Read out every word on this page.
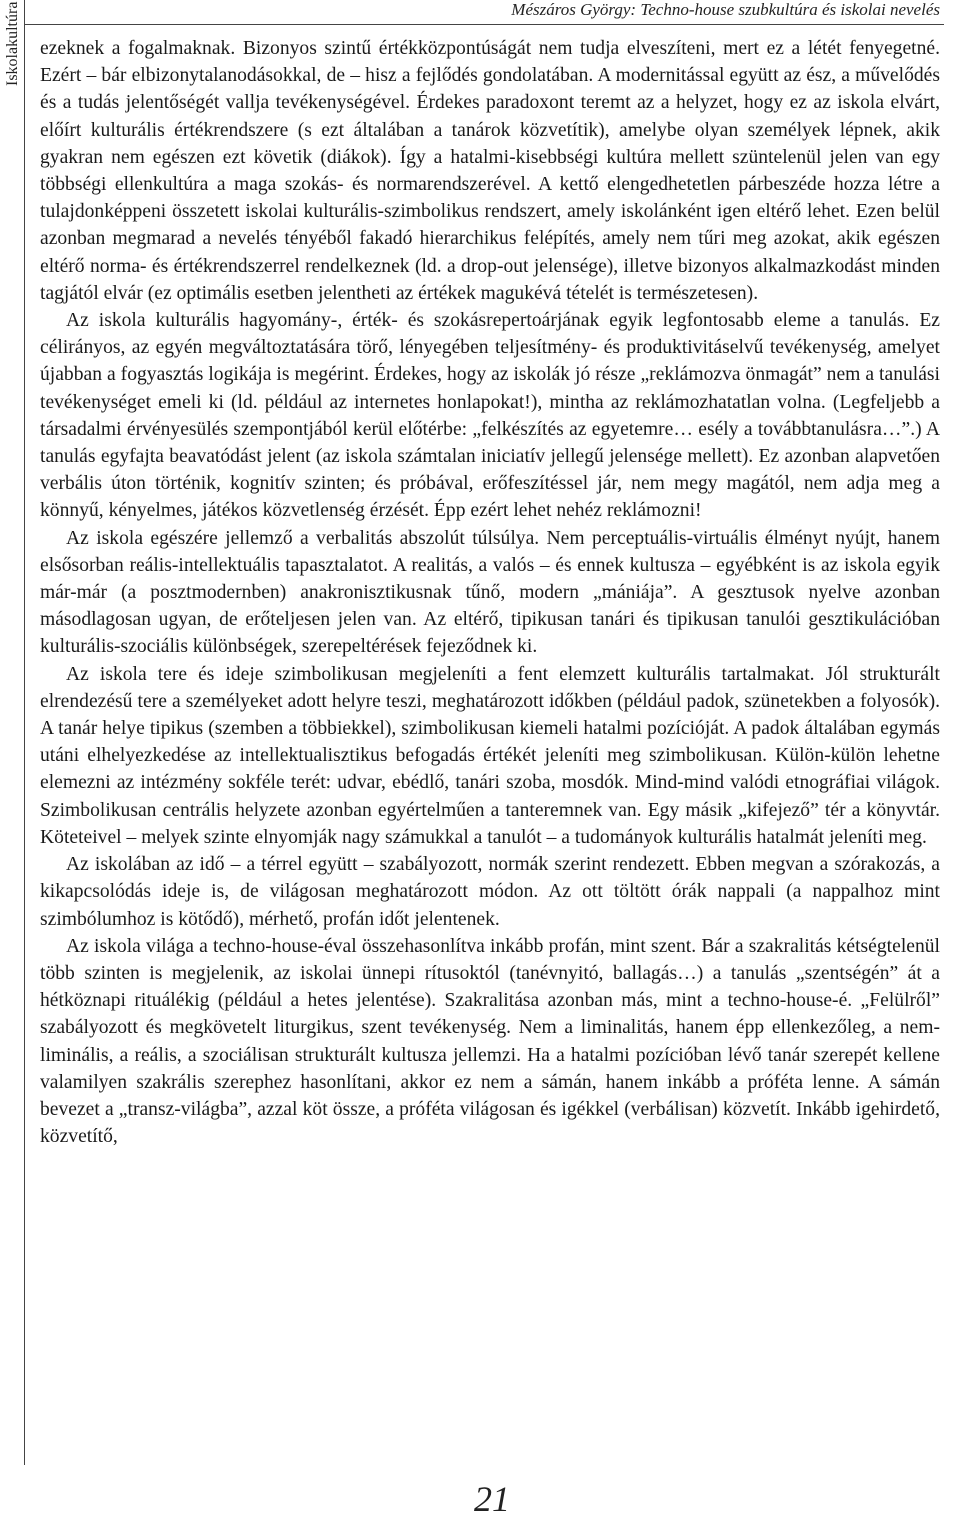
Iskolakultúra	Mészáros György: Techno-house szubkultúra és iskolai nevelés

ezeknek a fogalmaknak. Bizonyos szintű értékközpontúságát nem tudja elveszíteni, mert ez a létét fenyegetné. Ezért – bár elbizonytalanodásokkal, de – hisz a fejlődés gondolatában. A modernitással együtt az ész, a művelődés és a tudás jelentőségét vallja tevékenységével. Érdekes paradoxont teremt az a helyzet, hogy ez az iskola elvárt, előírt kulturális értékrendszere (s ezt általában a tanárok közvetítik), amelybe olyan személyek lépnek, akik gyakran nem egészen ezt követik (diákok). Így a hatalmi-kisebbségi kultúra mellett szüntelenül jelen van egy többségi ellenkultúra a maga szokás- és normarendszerével. A kettő elengedhetetlen párbeszéde hozza létre a tulajdonképpeni összetett iskolai kulturális-szimbolikus rendszert, amely iskolánként igen eltérő lehet. Ezen belül azonban megmarad a nevelés tényéből fakadó hierarchikus felépítés, amely nem tűri meg azokat, akik egészen eltérő norma- és értékrendszerrel rendelkeznek (ld. a drop-out jelensége), illetve bizonyos alkalmazkodást minden tagjától elvár (ez optimális esetben jelentheti az értékek magukévá tételét is természetesen).

Az iskola kulturális hagyomány-, érték- és szokásrepertoárjának egyik legfontosabb eleme a tanulás. Ez célirányos, az egyén megváltoztatására törő, lényegében teljesítmény- és produktivitáselvű tevékenység, amelyet újabban a fogyasztás logikája is megérint. Érdekes, hogy az iskolák jó része „reklámozva önmagát” nem a tanulási tevékenységet emeli ki (ld. például az internetes honlapokat!), mintha az reklámozhatatlan volna. (Legfeljebb a társadalmi érvényesülés szempontjából kerül előtérbe: „felkészítés az egyetemre… esély a továbbtanulásra…”.) A tanulás egyfajta beavatódást jelent (az iskola számtalan iniciatív jellegű jelensége mellett). Ez azonban alapvetően verbális úton történik, kognitív szinten; és próbával, erőfeszítéssel jár, nem megy magától, nem adja meg a könnyű, kényelmes, játékos közvetlenség érzését. Épp ezért lehet nehéz reklámozni!

Az iskola egészére jellemző a verbalitás abszolút túlsúlya. Nem perceptuális-virtuális élményt nyújt, hanem elsősorban reális-intellektuális tapasztalatot. A realitás, a valós – és ennek kultusza – egyébként is az iskola egyik már-már (a posztmodernben) anakronisztikusnak tűnő, modern „mániája”. A gesztusok nyelve azonban másodlagosan ugyan, de erőteljesen jelen van. Az eltérő, tipikusan tanári és tipikusan tanulói gesztikulációban kulturális-szociális különbségek, szerepeltérések fejeződnek ki.

Az iskola tere és ideje szimbolikusan megjeleníti a fent elemzett kulturális tartalmakat. Jól strukturált elrendezésű tere a személyeket adott helyre teszi, meghatározott időkben (például padok, szünetekben a folyosók). A tanár helye tipikus (szemben a többiekkel), szimbolikusan kiemeli hatalmi pozícióját. A padok általában egymás utáni elhelyezkedése az intellektualisztikus befogadás értékét jeleníti meg szimbolikusan. Külön-külön lehetne elemezni az intézmény sokféle terét: udvar, ebédlő, tanári szoba, mosdók. Mind-mind valódi etnográfiai világok. Szimbolikusan centrális helyzete azonban egyértelműen a tanteremnek van. Egy másik „kifejező” tér a könyvtár. Köteteivel – melyek szinte elnyomják nagy számukkal a tanulót – a tudományok kulturális hatalmát jeleníti meg.

Az iskolában az idő – a térrel együtt – szabályozott, normák szerint rendezett. Ebben megvan a szórakozás, a kikapcsolódás ideje is, de világosan meghatározott módon. Az ott töltött órák nappali (a nappalhoz mint szimbólumhoz is kötődő), mérhető, profán időt jelentenek.

Az iskola világa a techno-house-éval összehasonlítva inkább profán, mint szent. Bár a szakralitás kétségtelenül több szinten is megjelenik, az iskolai ünnepi rítusoktól (tanévnyitó, ballagás…) a tanulás „szentségén” át a hétköznapi rituálékig (például a hetes jelentése). Szakralitása azonban más, mint a techno-house-é. „Felülről” szabályozott és megkövetelt liturgikus, szent tevékenység. Nem a liminalitás, hanem épp ellenkezőleg, a nem-liminális, a reális, a szociálisan strukturált kultusza jellemzi. Ha a hatalmi pozícióban lévő tanár szerepét kellene valamilyen szakrális szerephez hasonlítani, akkor ez nem a sámán, hanem inkább a próféta lenne. A sámán bevezet a „transz-világba”, azzal köt össze, a próféta világosan és igékkel (verbálisan) közvetít. Inkább igehirdető, közvetítő,

21
